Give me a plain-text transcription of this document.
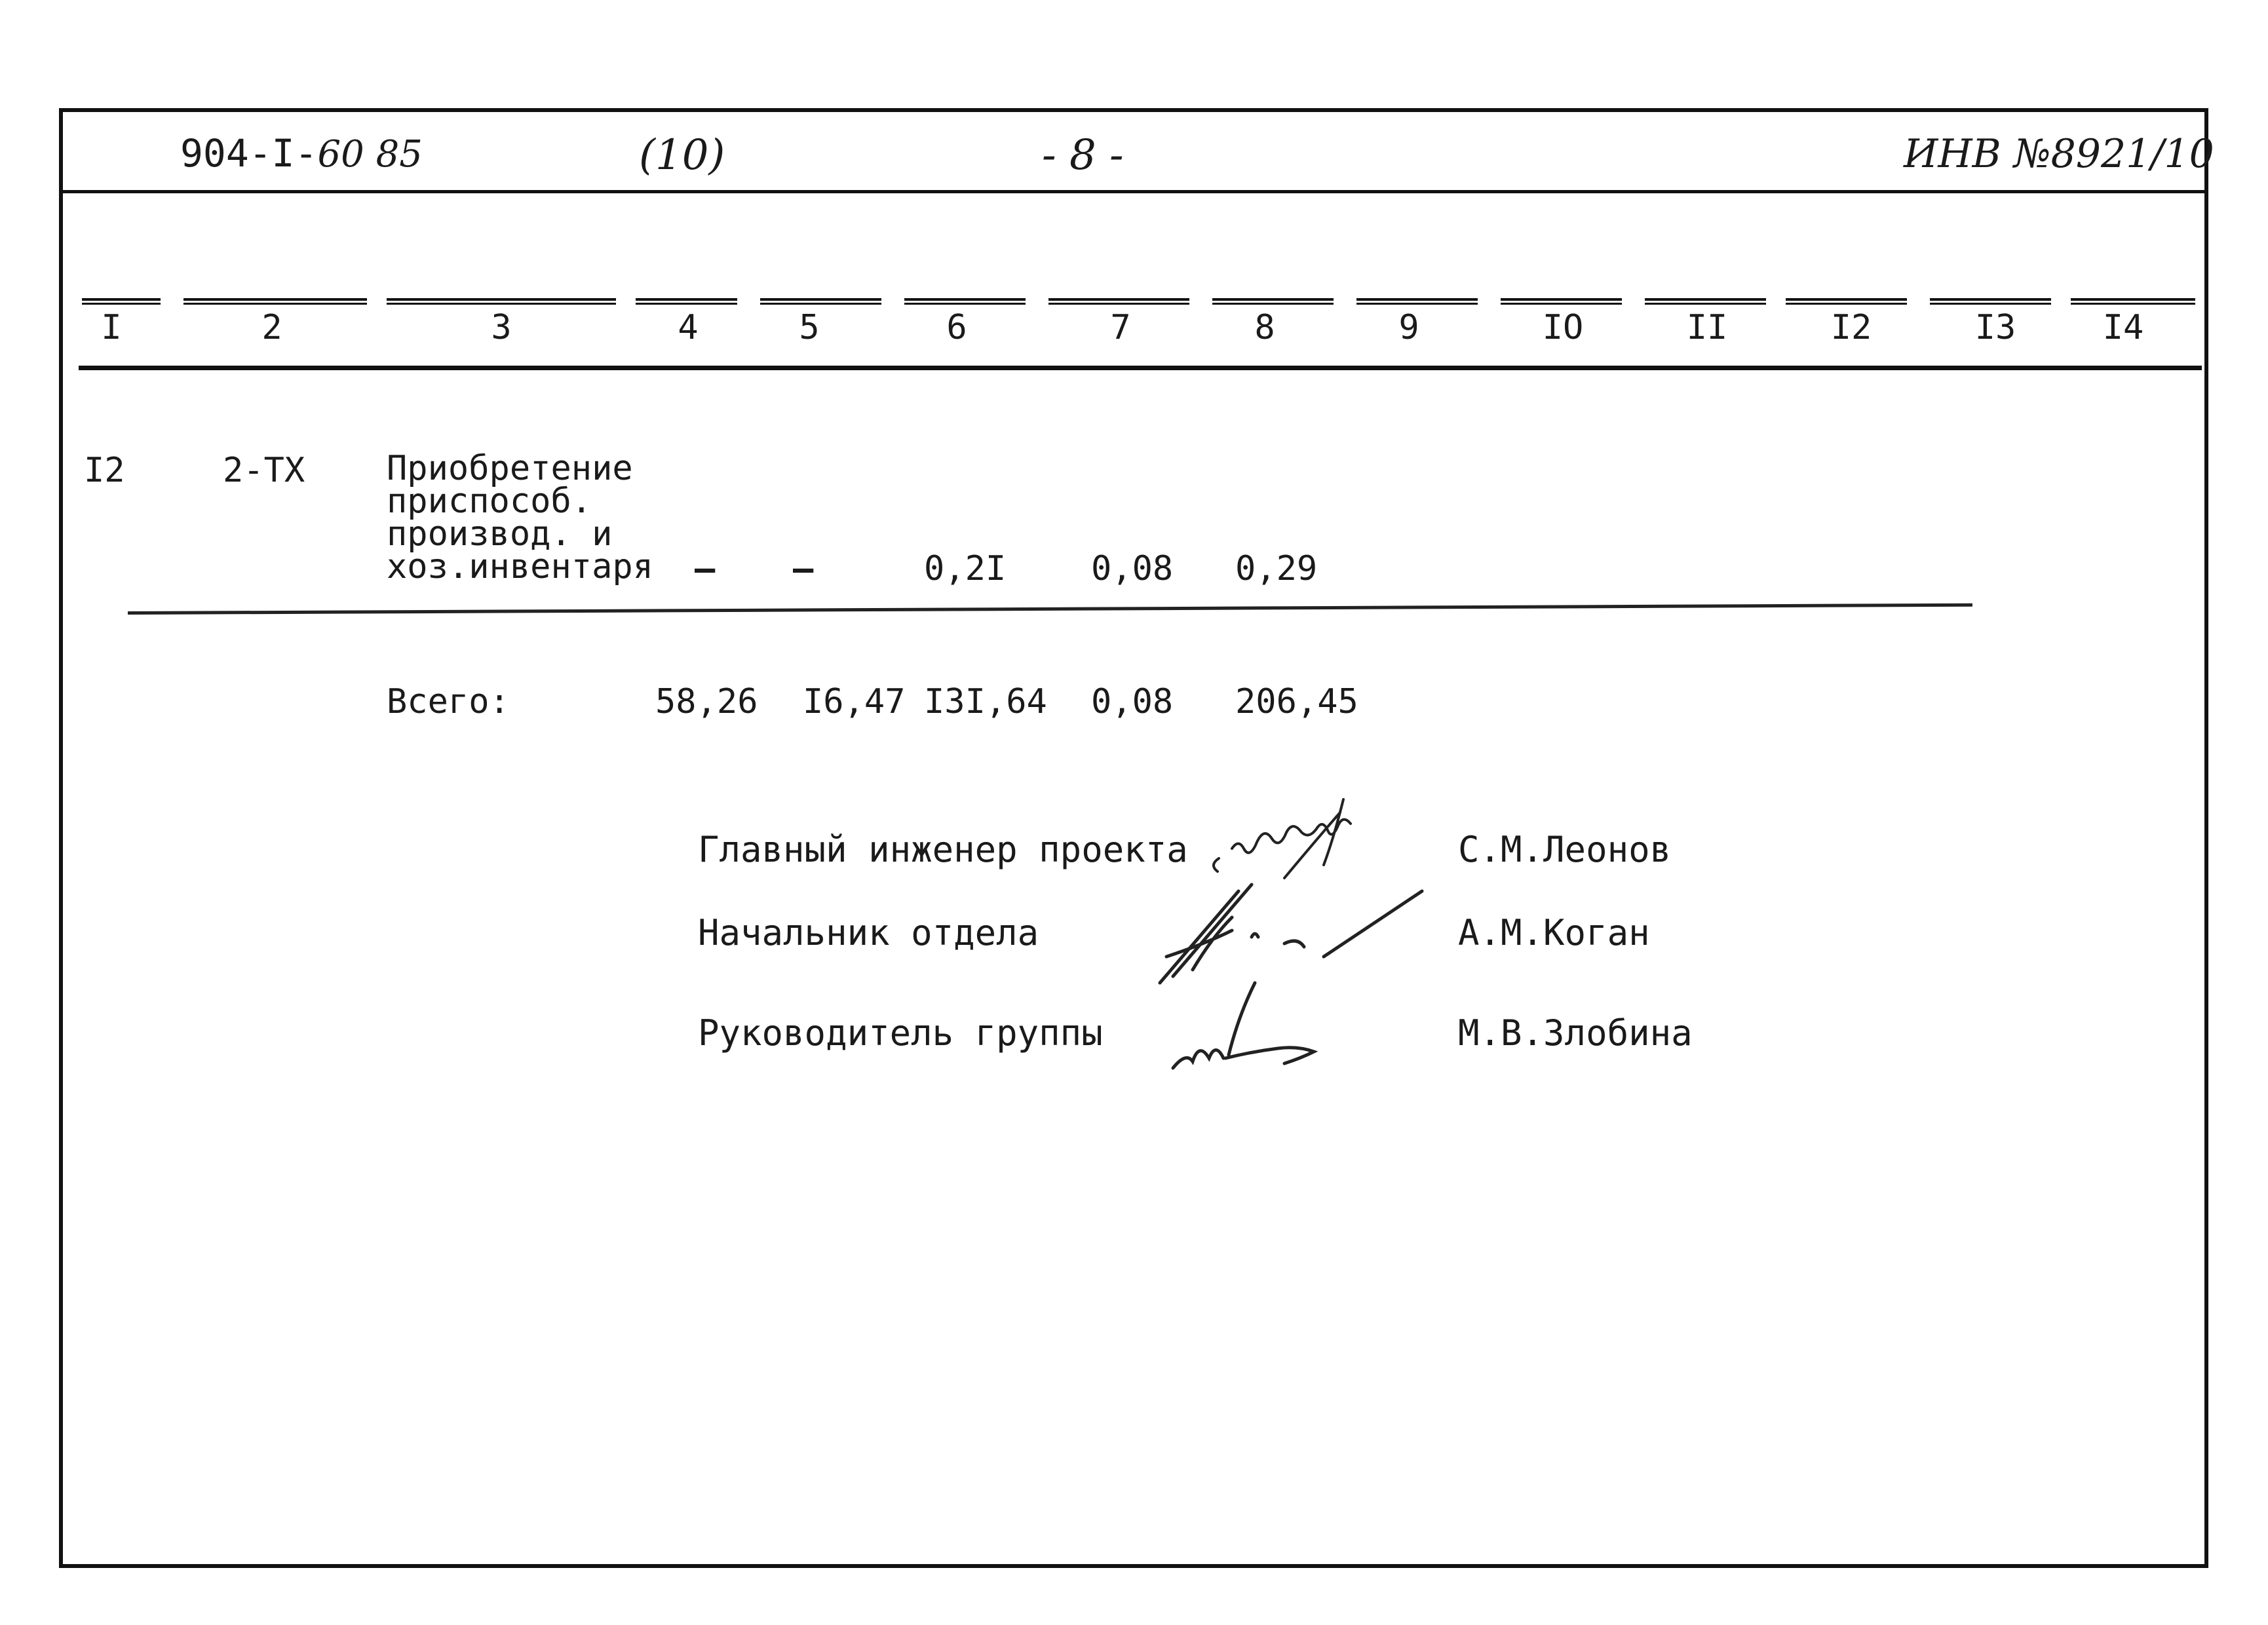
904-I-60 85	(10)	- 8 -	ИНВ №8921/10
I	2	3	4	5	6	7	8	9	IO	II	I2	I3	I4
I2	2-ТХ Приобретение
приспособ.
производ. и
хоз.инвентаря – –	0,2I 0,08 0,29
Всего:	58,26 I6,47 I3I,64 0,08 206,45
Главный инженер проекта	С.М.Леонов
Начальник отдела	А.М.Коган
Руководитель группы	М.В.Злобина
